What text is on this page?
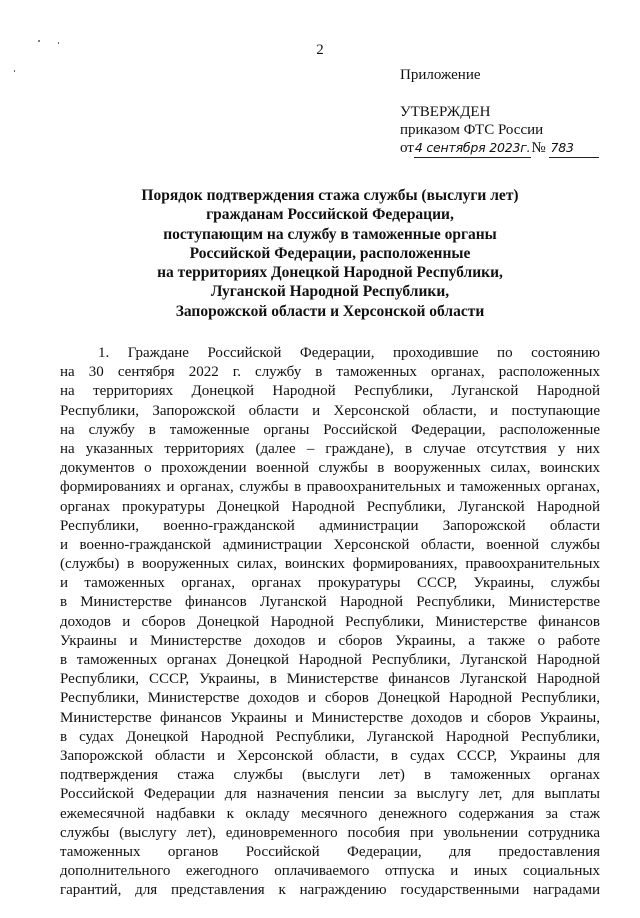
2
Приложение
УТВЕРЖДЕН
приказом ФТС России
от4 сентября 2023г.№ 783
Порядок подтверждения стажа службы (выслуги лет)
гражданам Российской Федерации,
поступающим на службу в таможенные органы
Российской Федерации, расположенные
на территориях Донецкой Народной Республики,
Луганской Народной Республики,
Запорожской области и Херсонской области
1. Граждане Российской Федерации, проходившие по состоянию
на 30 сентября 2022 г. службу в таможенных органах, расположенных
на территориях Донецкой Народной Республики, Луганской Народной
Республики, Запорожской области и Херсонской области, и поступающие
на службу в таможенные органы Российской Федерации, расположенные
на указанных территориях (далее – граждане), в случае отсутствия у них
документов о прохождении военной службы в вооруженных силах, воинских
формированиях и органах, службы в правоохранительных и таможенных органах,
органах прокуратуры Донецкой Народной Республики, Луганской Народной
Республики, военно-гражданской администрации Запорожской области
и военно-гражданской администрации Херсонской области, военной службы
(службы) в вооруженных силах, воинских формированиях, правоохранительных
и таможенных органах, органах прокуратуры СССР, Украины, службы
в Министерстве финансов Луганской Народной Республики, Министерстве
доходов и сборов Донецкой Народной Республики, Министерстве финансов
Украины и Министерстве доходов и сборов Украины, а также о работе
в таможенных органах Донецкой Народной Республики, Луганской Народной
Республики, СССР, Украины, в Министерстве финансов Луганской Народной
Республики, Министерстве доходов и сборов Донецкой Народной Республики,
Министерстве финансов Украины и Министерстве доходов и сборов Украины,
в судах Донецкой Народной Республики, Луганской Народной Республики,
Запорожской области и Херсонской области, в судах СССР, Украины для
подтверждения стажа службы (выслуги лет) в таможенных органах
Российской Федерации для назначения пенсии за выслугу лет, для выплаты
ежемесячной надбавки к окладу месячного денежного содержания за стаж
службы (выслугу лет), единовременного пособия при увольнении сотрудника
таможенных органов Российской Федерации, для предоставления
дополнительного ежегодного оплачиваемого отпуска и иных социальных
гарантий, для представления к награждению государственными наградами
